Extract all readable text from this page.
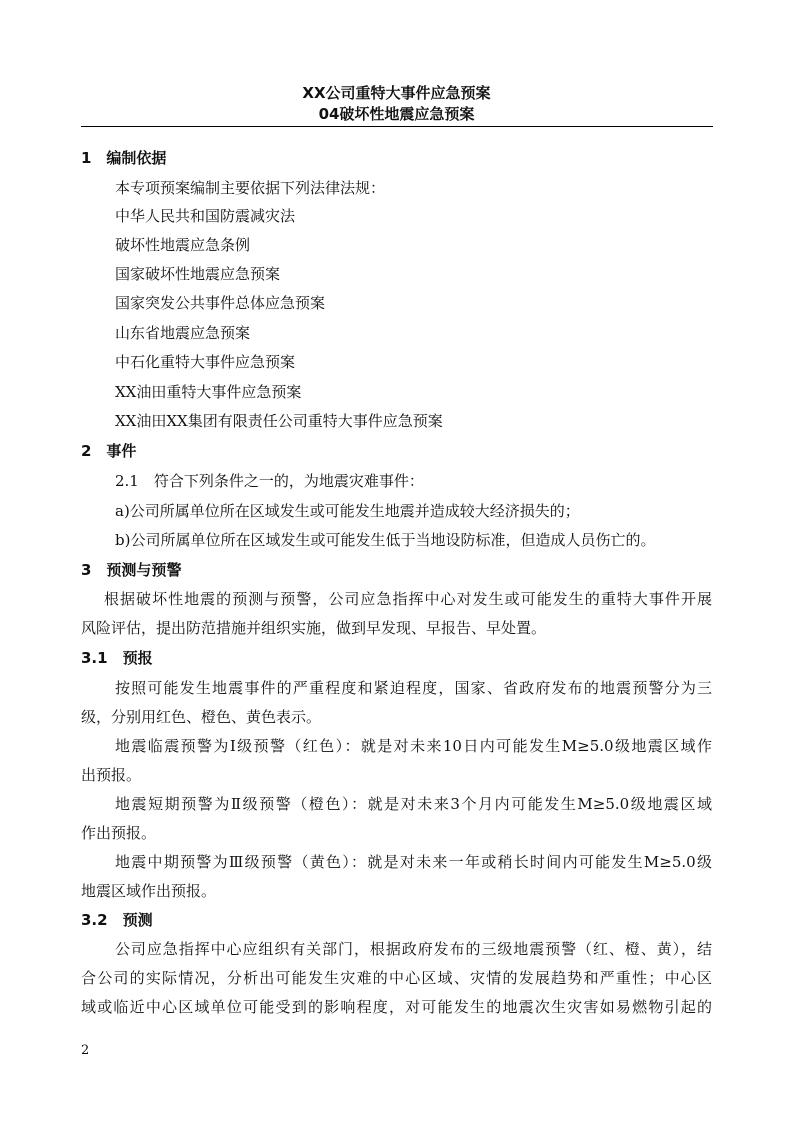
XX公司重特大事件应急预案
04破坏性地震应急预案
1　编制依据
本专项预案编制主要依据下列法律法规：
中华人民共和国防震减灾法
破坏性地震应急条例
国家破坏性地震应急预案
国家突发公共事件总体应急预案
山东省地震应急预案
中石化重特大事件应急预案
XX油田重特大事件应急预案
XX油田XX集团有限责任公司重特大事件应急预案
2　事件
2.1　符合下列条件之一的，为地震灾难事件：
a)公司所属单位所在区域发生或可能发生地震并造成较大经济损失的；
b)公司所属单位所在区域发生或可能发生低于当地设防标准，但造成人员伤亡的。
3　预测与预警
根据破坏性地震的预测与预警，公司应急指挥中心对发生或可能发生的重特大事件开展
风险评估，提出防范措施并组织实施，做到早发现、早报告、早处置。
3.1　预报
按照可能发生地震事件的严重程度和紧迫程度，国家、省政府发布的地震预警分为三
级，分别用红色、橙色、黄色表示。
地震临震预警为Ⅰ级预警（红色）：就是对未来10日内可能发生M≥5.0级地震区域作
出预报。
地震短期预警为Ⅱ级预警（橙色）：就是对未来3个月内可能发生M≥5.0级地震区域
作出预报。
地震中期预警为Ⅲ级预警（黄色）：就是对未来一年或稍长时间内可能发生M≥5.0级
地震区域作出预报。
3.2　预测
公司应急指挥中心应组织有关部门，根据政府发布的三级地震预警（红、橙、黄），结
合公司的实际情况，分析出可能发生灾难的中心区域、灾情的发展趋势和严重性；中心区
域或临近中心区域单位可能受到的影响程度，对可能发生的地震次生灾害如易燃物引起的
2
